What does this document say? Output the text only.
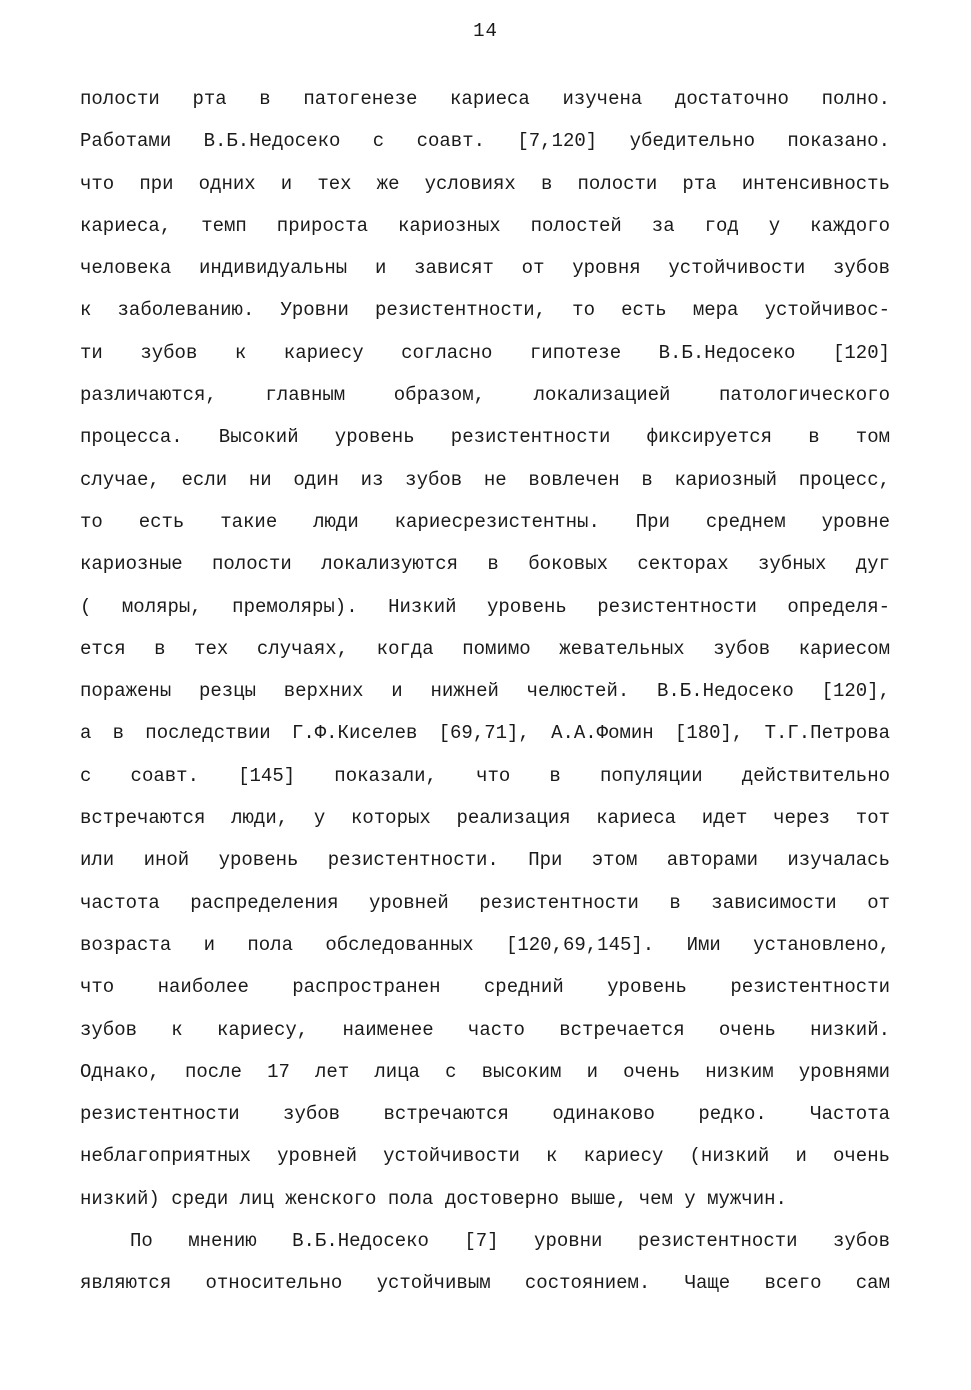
14
полости рта в патогенезе кариеса изучена достаточно полно.
Работами В.Б.Недосеко с соавт. [7,120] убедительно показано.
что при одних и тех же условиях в полости рта интенсивность
кариеса, темп прироста кариозных полостей за год у каждого
человека индивидуальны и зависят от уровня устойчивости зубов
к заболеванию. Уровни резистентности, то есть мера устойчивос-
ти зубов к кариесу согласно гипотезе В.Б.Недосеко [120]
различаются, главным образом, локализацией патологического
процесса. Высокий уровень резистентности фиксируется в том
случае, если ни один из зубов не вовлечен в кариозный процесс,
то есть такие люди кариесрезистентны. При среднем уровне
кариозные полости локализуются в боковых секторах зубных дуг
( моляры, премоляры). Низкий уровень резистентности определя-
ется в тех случаях, когда помимо жевательных зубов кариесом
поражены резцы верхних и нижней челюстей. В.Б.Недосеко [120],
а в последствии Г.Ф.Киселев [69,71], А.А.Фомин [180], Т.Г.Петрова
с соавт. [145] показали, что в популяции действительно
встречаются люди, у которых реализация кариеса идет через тот
или иной уровень резистентности. При этом авторами изучалась
частота распределения уровней резистентности в зависимости от
возраста и пола обследованных [120,69,145]. Ими установлено,
что наиболее распространен средний уровень резистентности
зубов к кариесу, наименее часто встречается очень низкий.
Однако, после 17 лет лица с высоким и очень низким уровнями
резистентности зубов встречаются одинаково редко. Частота
неблагоприятных уровней устойчивости к кариесу (низкий и очень
низкий) среди лиц женского пола достоверно выше, чем у мужчин.
По мнению В.Б.Недосеко [7] уровни резистентности зубов
являются относительно устойчивым состоянием. Чаще всего сам
